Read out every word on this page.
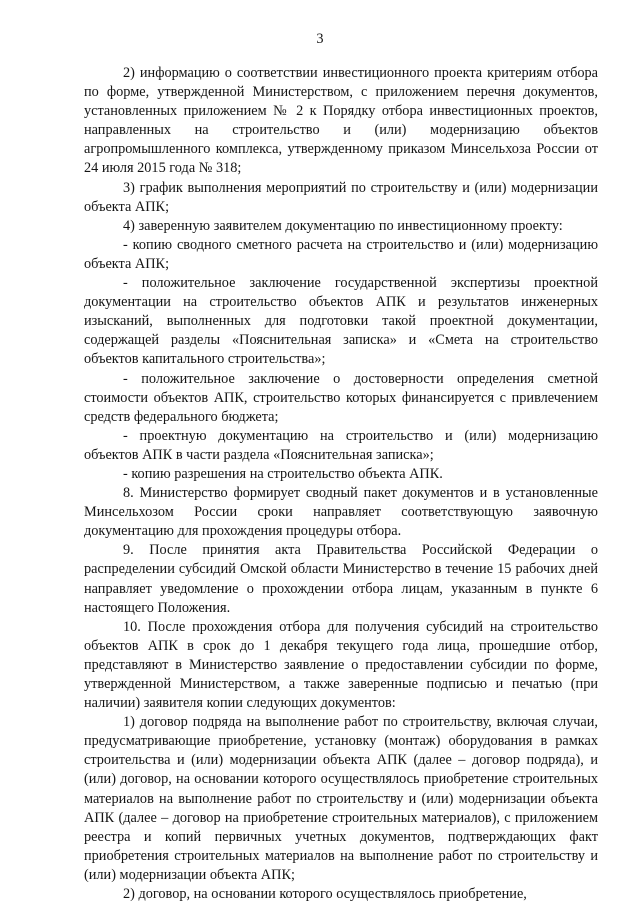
3

2) информацию о соответствии инвестиционного проекта критериям отбора по форме, утвержденной Министерством, с приложением перечня документов, установленных приложением № 2 к Порядку отбора инвестиционных проектов, направленных на строительство и (или) модернизацию объектов агропромышленного комплекса, утвержденному приказом Минсельхоза России от 24 июля 2015 года № 318;

3) график выполнения мероприятий по строительству и (или) модернизации объекта АПК;

4) заверенную заявителем документацию по инвестиционному проекту:

- копию сводного сметного расчета на строительство и (или) модернизацию объекта АПК;

- положительное заключение государственной экспертизы проектной документации на строительство объектов АПК и результатов инженерных изысканий, выполненных для подготовки такой проектной документации, содержащей разделы «Пояснительная записка» и «Смета на строительство объектов капитального строительства»;

- положительное заключение о достоверности определения сметной стоимости объектов АПК, строительство которых финансируется с привлечением средств федерального бюджета;

- проектную документацию на строительство и (или) модернизацию объектов АПК в части раздела «Пояснительная записка»;

- копию разрешения на строительство объекта АПК.

8. Министерство формирует сводный пакет документов и в установленные Минсельхозом России сроки направляет соответствующую заявочную документацию для прохождения процедуры отбора.

9. После принятия акта Правительства Российской Федерации о распределении субсидий Омской области Министерство в течение 15 рабочих дней направляет уведомление о прохождении отбора лицам, указанным в пункте 6 настоящего Положения.

10. После прохождения отбора для получения субсидий на строительство объектов АПК в срок до 1 декабря текущего года лица, прошедшие отбор, представляют в Министерство заявление о предоставлении субсидии по форме, утвержденной Министерством, а также заверенные подписью и печатью (при наличии) заявителя копии следующих документов:

1) договор подряда на выполнение работ по строительству, включая случаи, предусматривающие приобретение, установку (монтаж) оборудования в рамках строительства и (или) модернизации объекта АПК (далее – договор подряда), и (или) договор, на основании которого осуществлялось приобретение строительных материалов на выполнение работ по строительству и (или) модернизации объекта АПК (далее – договор на приобретение строительных материалов), с приложением реестра и копий первичных учетных документов, подтверждающих факт приобретения строительных материалов на выполнение работ по строительству и (или) модернизации объекта АПК;

2) договор, на основании которого осуществлялось приобретение,
